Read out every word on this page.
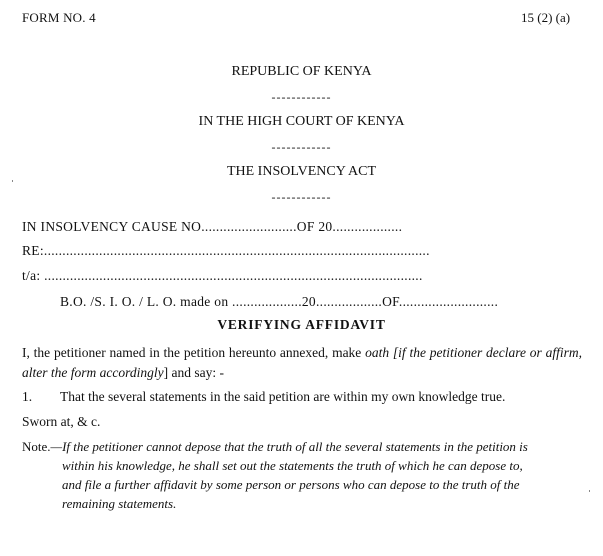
FORM NO. 4	15 (2) (a)
REPUBLIC OF KENYA
------------
IN THE HIGH COURT OF KENYA
------------
THE INSOLVENCY ACT
------------
IN INSOLVENCY CAUSE NO..........................OF 20...................
RE:.........................................................................................................
t/a: .......................................................................................................
B.O. /S. I. O. / L. O. made on ...................20..................OF...........................
VERIFYING AFFIDAVIT
I, the petitioner named in the petition hereunto annexed, make oath [if the petitioner declare or affirm, alter the form accordingly] and say: -
1. That the several statements in the said petition are within my own knowledge true.
Sworn at, & c.
Note.—If the petitioner cannot depose that the truth of all the several statements in the petition is
within his knowledge, he shall set out the statements the truth of which he can depose to,
and file a further affidavit by some person or persons who can depose to the truth of the
remaining statements.
